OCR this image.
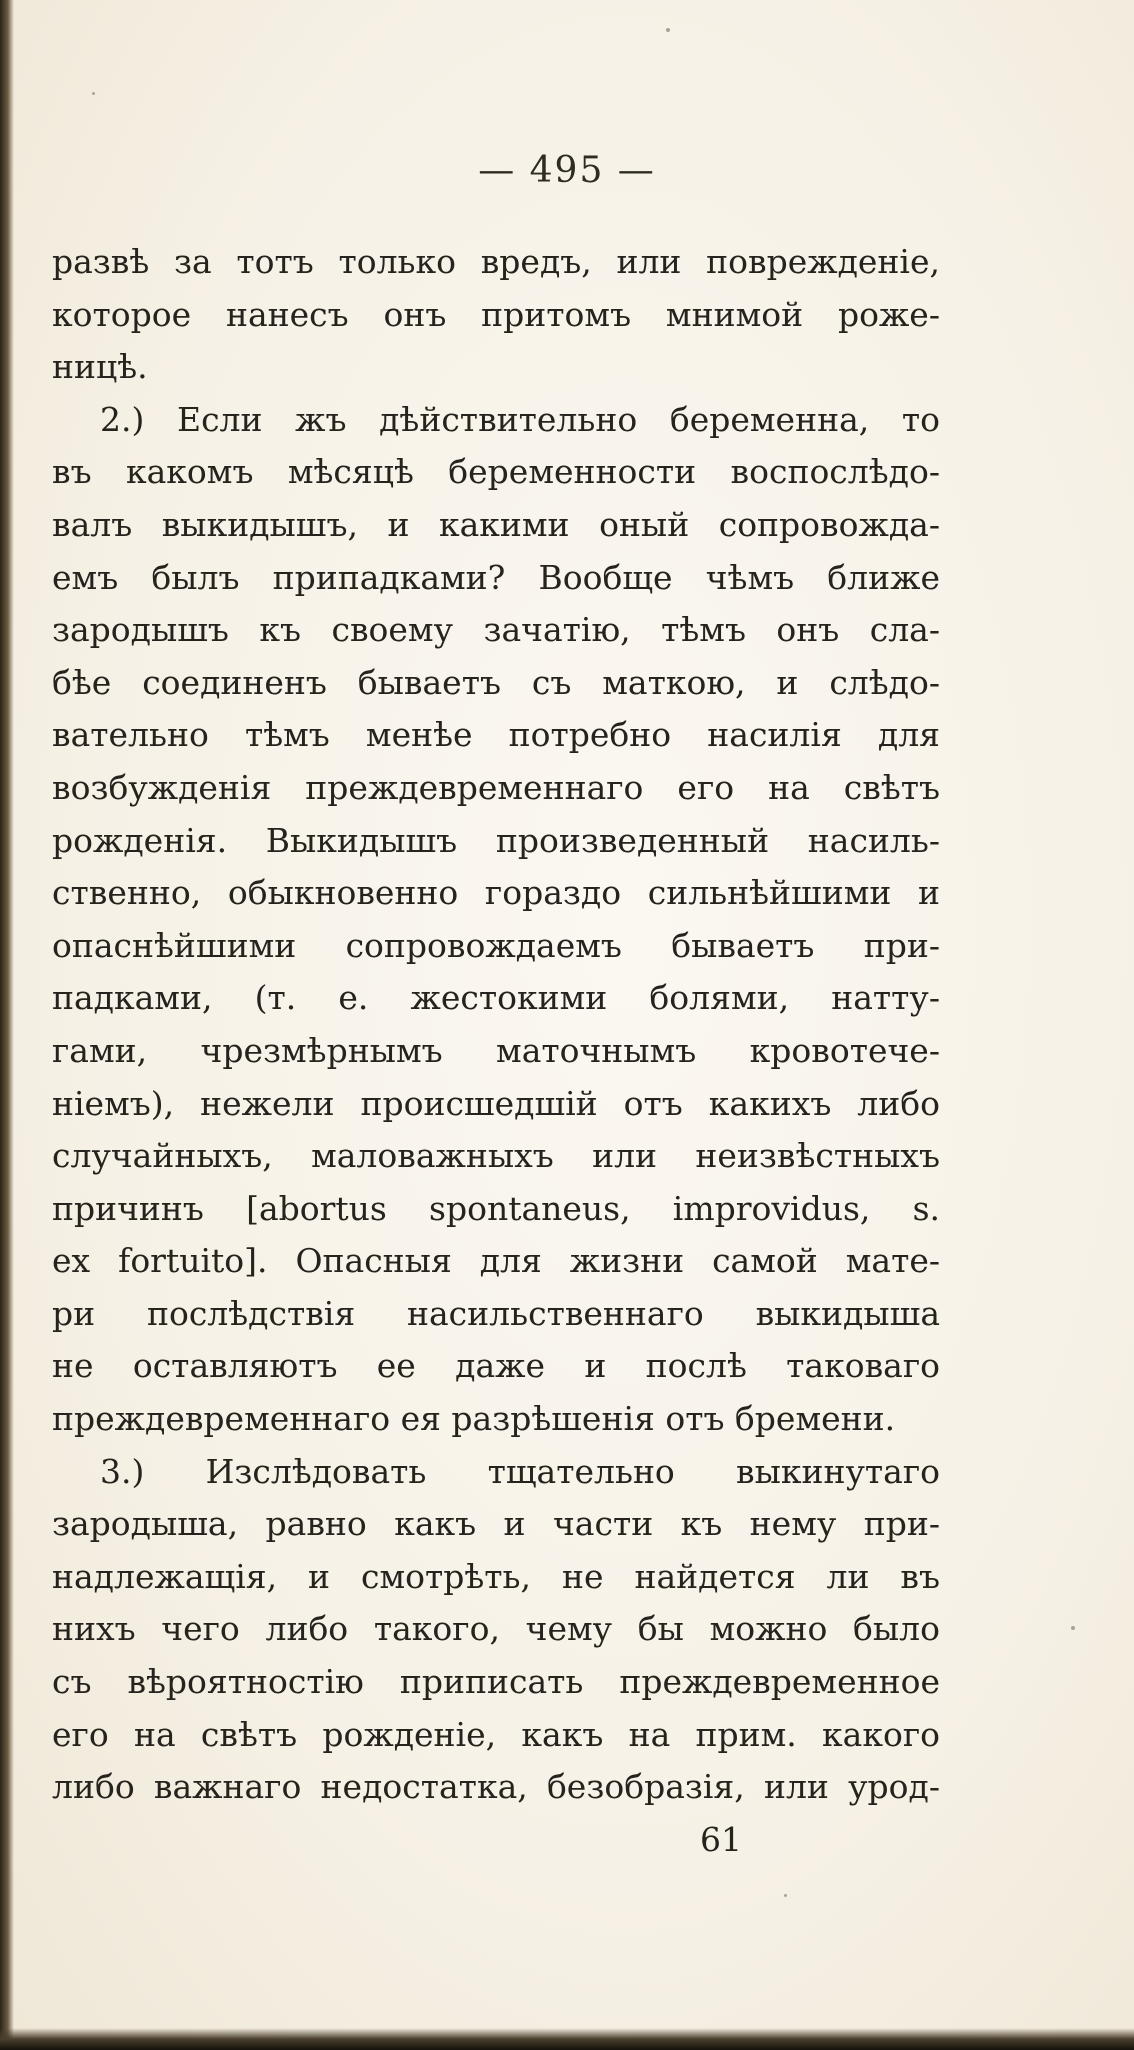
— 495 —
развѣ за тотъ только вредъ, или поврежденіе,
которое нанесъ онъ притомъ мнимой роже-
ницѣ.
2.) Если жъ дѣйствительно беременна, то
въ какомъ мѣсяцѣ беременности воспослѣдо-
валъ выкидышъ, и какими оный сопровожда-
емъ былъ припадками? Вообще чѣмъ ближе
зародышъ къ своему зачатію, тѣмъ онъ сла-
бѣе соединенъ бываетъ съ маткою, и слѣдо-
вательно тѣмъ менѣе потребно насилія для
возбужденія преждевременнаго его на свѣтъ
рожденія. Выкидышъ произведенный насиль-
ственно, обыкновенно гораздо сильнѣйшими и
опаснѣйшими сопровождаемъ бываетъ при-
падками, (т. е. жестокими болями, натту-
гами, чрезмѣрнымъ маточнымъ кровотече-
ніемъ), нежели происшедшій отъ какихъ либо
случайныхъ, маловажныхъ или неизвѣстныхъ
причинъ [abortus spontaneus, improvidus, s.
ex fortuito]. Опасныя для жизни самой мате-
ри послѣдствія насильственнаго выкидыша
не оставляютъ ее даже и послѣ таковаго
преждевременнаго ея разрѣшенія отъ бремени.
3.) Изслѣдовать тщательно выкинутаго
зародыша, равно какъ и части къ нему при-
надлежащія, и смотрѣть, не найдется ли въ
нихъ чего либо такого, чему бы можно было
съ вѣроятностію приписать преждевременное
его на свѣтъ рожденіе, какъ на прим. какого
либо важнаго недостатка, безобразія, или урод-
61
